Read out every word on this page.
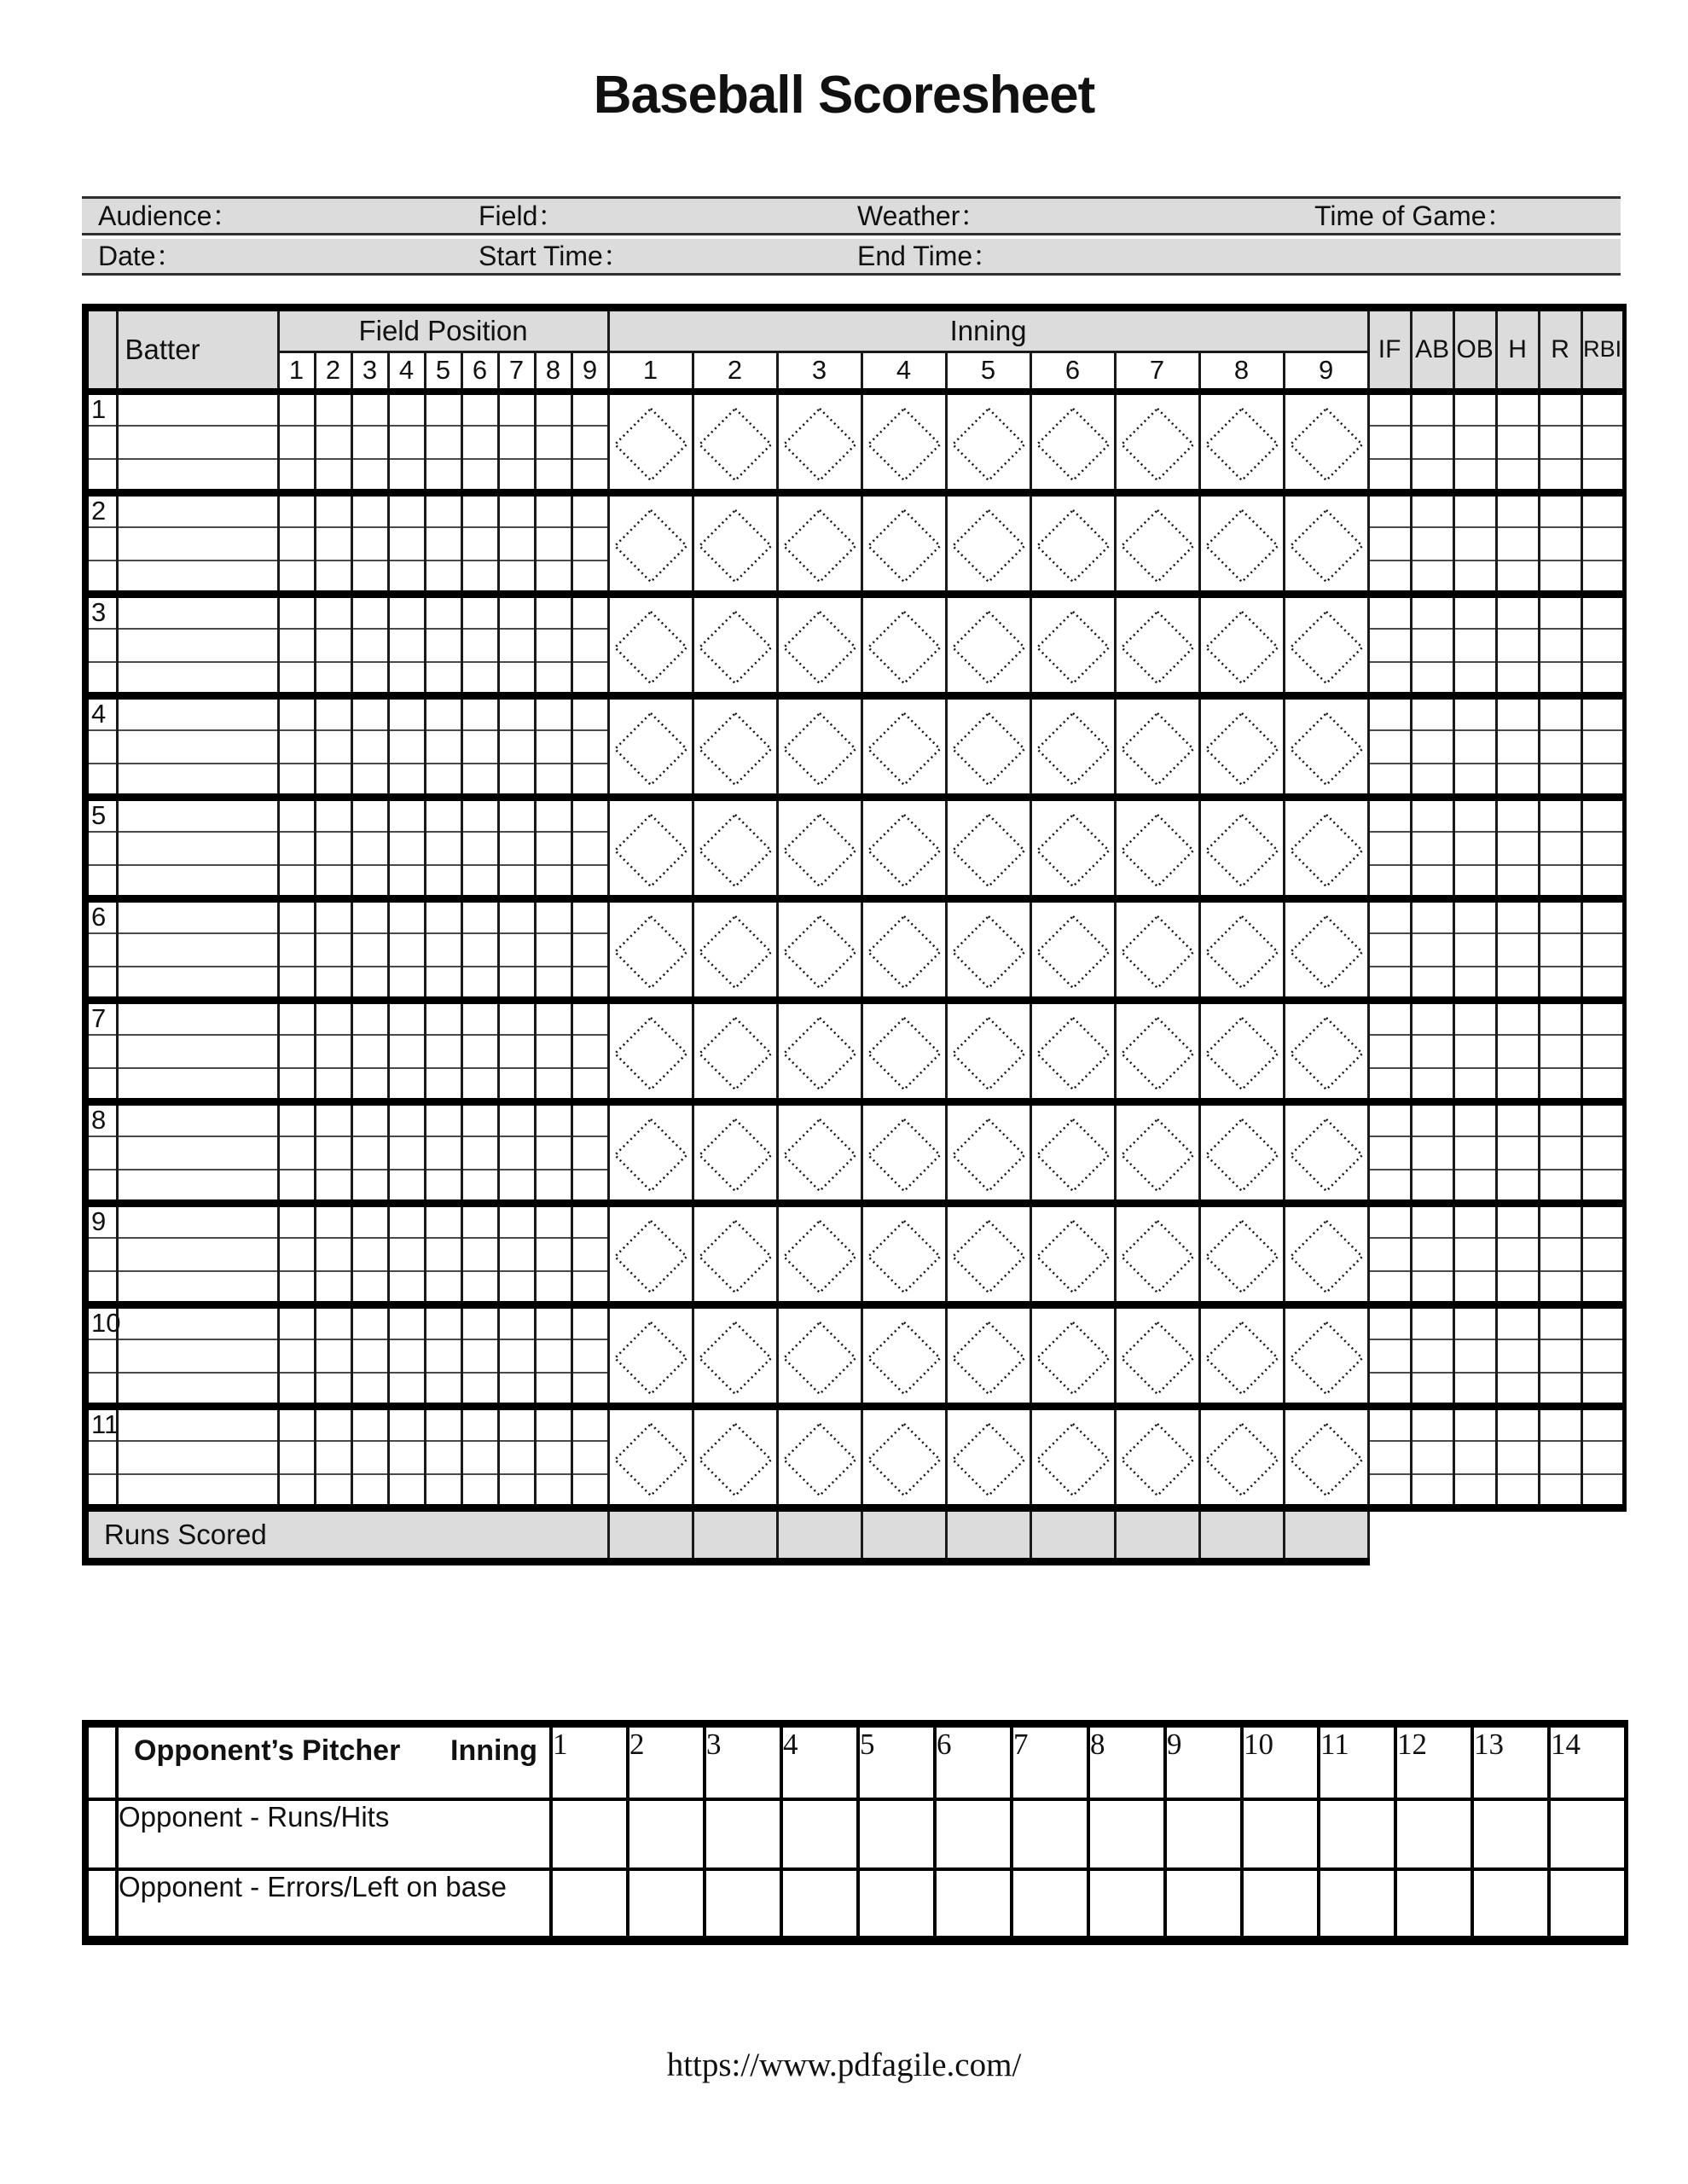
Baseball Scoresheet
Audience：	Field：	Weather：	Time of Game：
Date：	Start Time：	End Time：
	Batter	Field Position									Inning									IF	AB	OB	H	R	RBI
		1	2	3	4	5	6	7	8	9	1	2	3	4	5	6	7	8	9						
1											

2											

3											

4											

5											

6											

7											

8											

9											

10											

11											

Runs Scored																									

	Opponent’s Pitcher Inning	1	2	3	4	5	6	7	8	9	10	11	12	13	14
	Opponent - Runs/Hits														
	Opponent - Errors/Left on base														
https://www.pdfagile.com/
